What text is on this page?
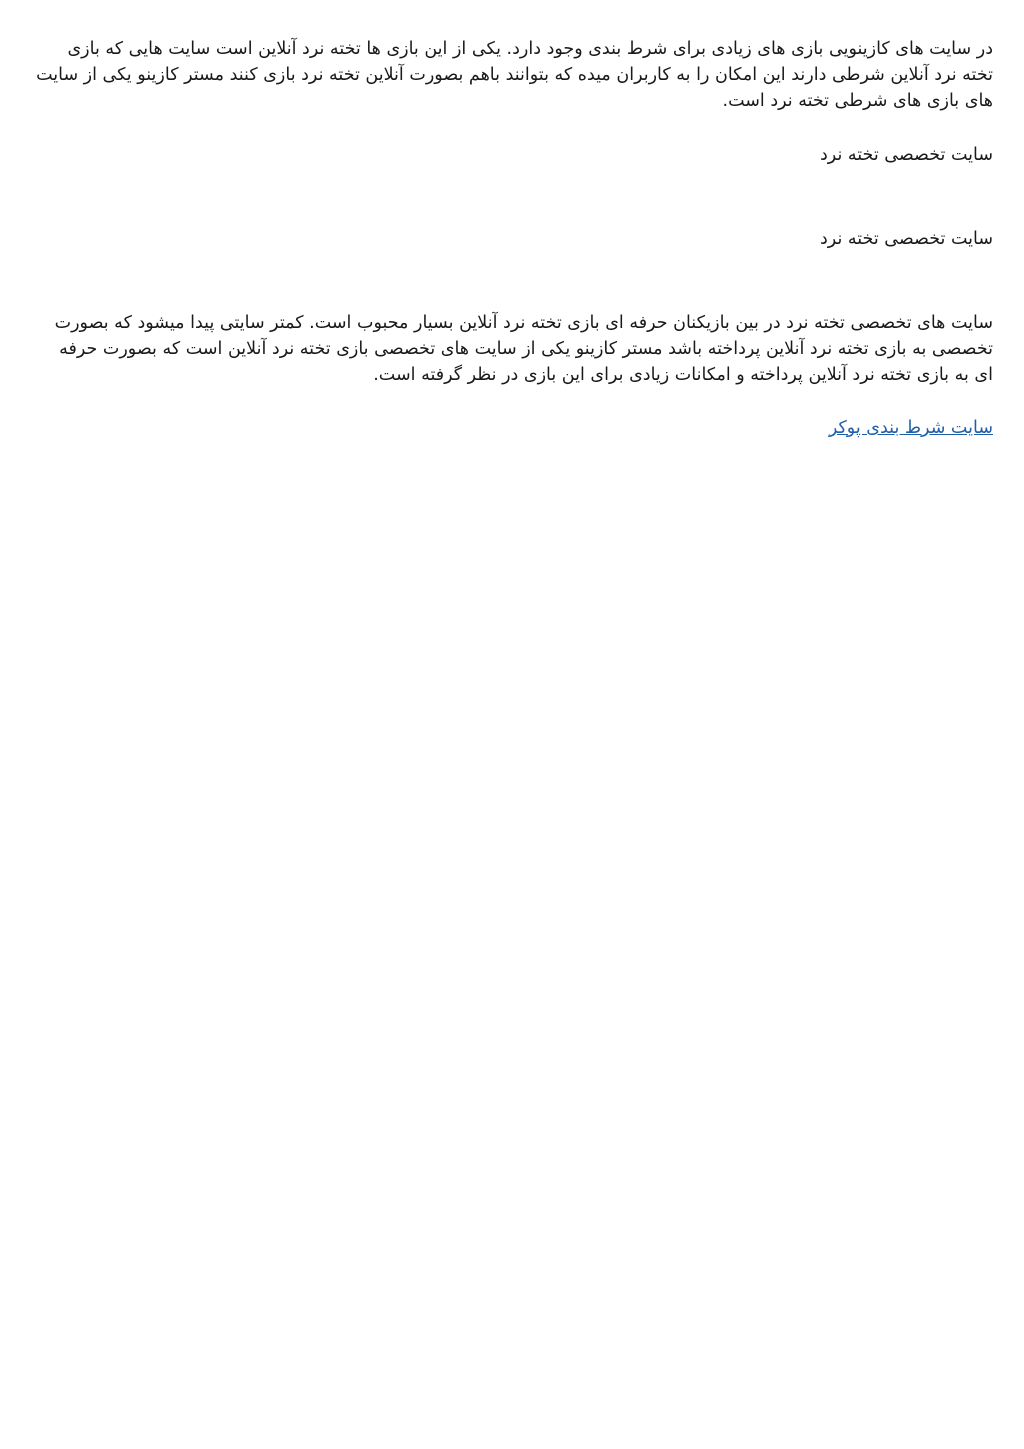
در سایت های کازینویی بازی های زیادی برای شرط بندی وجود دارد. یکی از این بازی ها تخته نرد آنلاین است سایت هایی که بازی تخته نرد آنلاین شرطی دارند این امکان را به کاربران میده که بتوانند باهم بصورت آنلاین تخته نرد بازی کنند مستر کازینو یکی از سایت های بازی های شرطی تخته نرد است.

سایت تخصصی تخته نرد
سایت تخصصی تخته نرد

سایت های تخصصی تخته نرد در بین بازیکنان حرفه ای بازی تخته نرد آنلاین بسیار محبوب است. کمتر سایتی پیدا میشود که بصورت تخصصی به بازی تخته نرد آنلاین پرداخته باشد مستر کازینو یکی از سایت های تخصصی بازی تخته نرد آنلاین است که بصورت حرفه ای به بازی تخته نرد آنلاین پرداخته و امکانات زیادی برای این بازی در نظر گرفته است.

سایت شرط بندی پوکر
